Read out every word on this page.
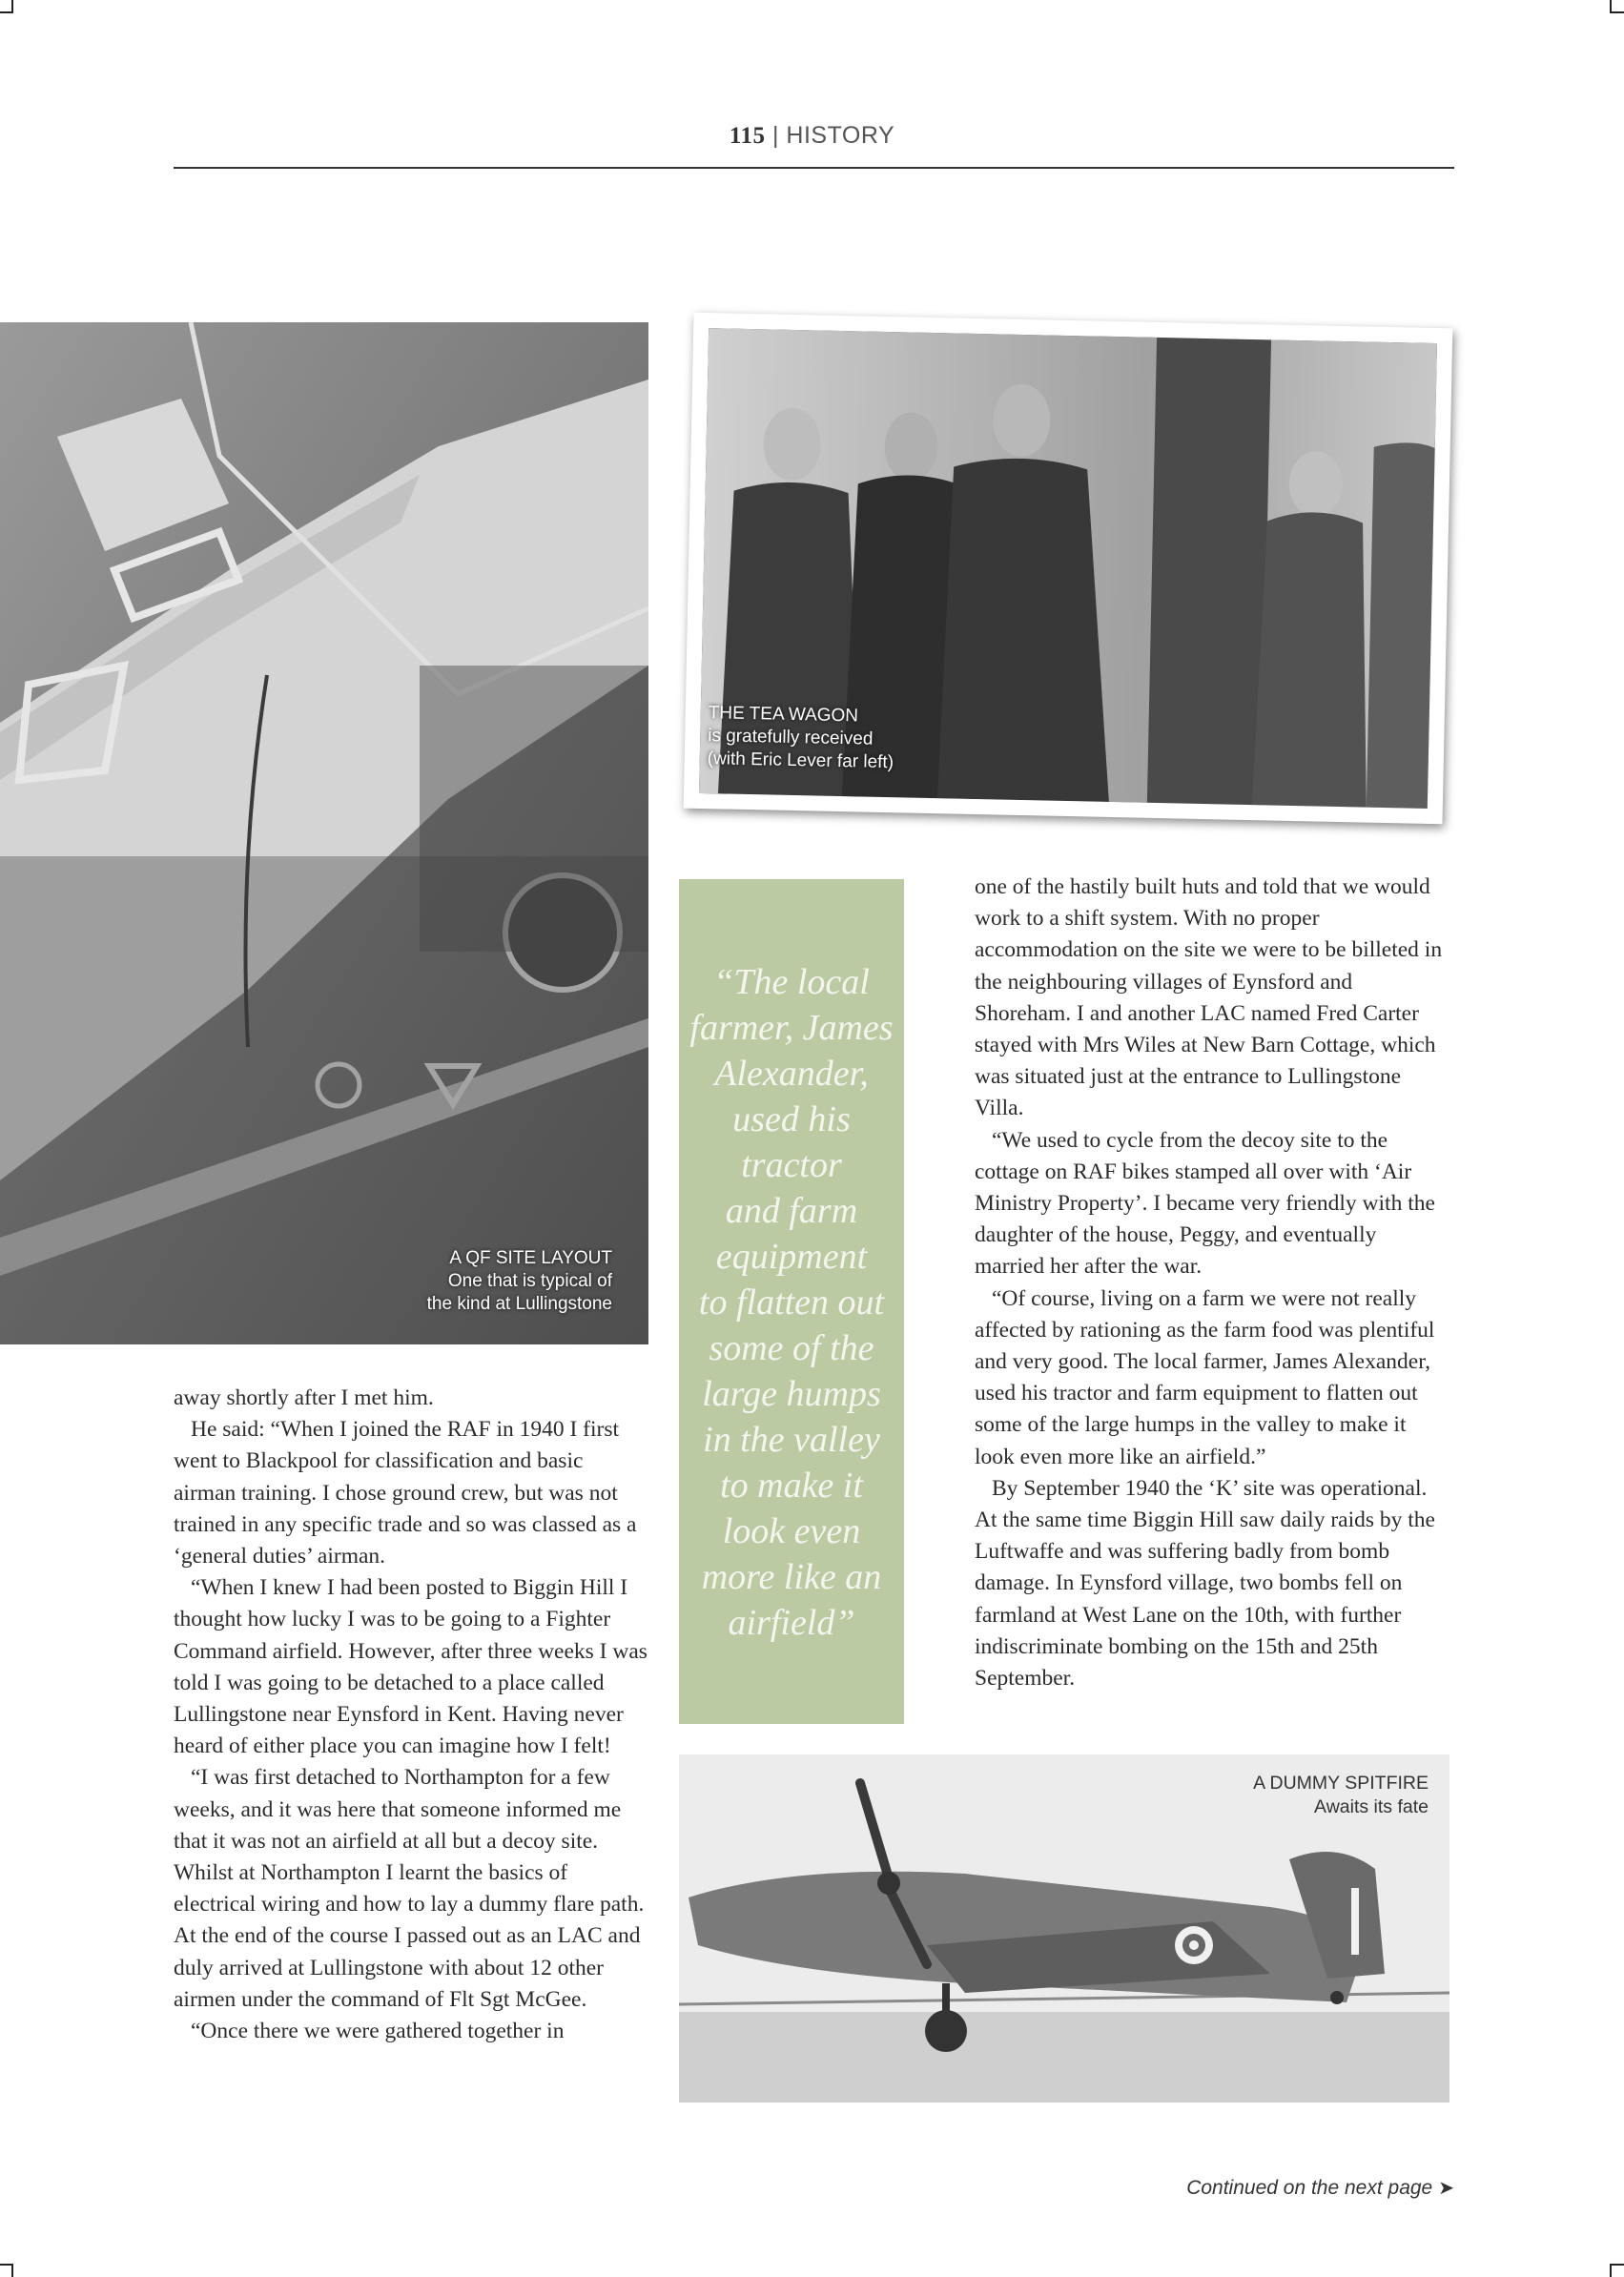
115 | HISTORY
A QF SITE LAYOUT
One that is typical of
the kind at Lullingstone
THE TEA WAGON
is gratefully received
(with Eric Lever far left)
“The local
farmer, James
Alexander,
used his
tractor
and farm
equipment
to flatten out
some of the
large humps
in the valley
to make it
look even
more like an
airfield”

away shortly after I met him.

He said: “When I joined the RAF in 1940 I first went to Blackpool for classification and basic airman training. I chose ground crew, but was not trained in any specific trade and so was classed as a ‘general duties’ airman.

“When I knew I had been posted to Biggin Hill I thought how lucky I was to be going to a Fighter Command airfield. However, after three weeks I was told I was going to be detached to a place called Lullingstone near Eynsford in Kent. Having never heard of either place you can imagine how I felt!

“I was first detached to Northampton for a few weeks, and it was here that someone informed me that it was not an airfield at all but a decoy site. Whilst at Northampton I learnt the basics of electrical wiring and how to lay a dummy flare path. At the end of the course I passed out as an LAC and duly arrived at Lullingstone with about 12 other airmen under the command of Flt Sgt McGee.

“Once there we were gathered together in

one of the hastily built huts and told that we would work to a shift system. With no proper accommodation on the site we were to be billeted in the neighbouring villages of Eynsford and Shoreham. I and another LAC named Fred Carter stayed with Mrs Wiles at New Barn Cottage, which was situated just at the entrance to Lullingstone Villa.

“We used to cycle from the decoy site to the cottage on RAF bikes stamped all over with ‘Air Ministry Property’. I became very friendly with the daughter of the house, Peggy, and eventually married her after the war.

“Of course, living on a farm we were not really affected by rationing as the farm food was plentiful and very good. The local farmer, James Alexander, used his tractor and farm equipment to flatten out some of the large humps in the valley to make it look even more like an airfield.”

By September 1940 the ‘K’ site was operational. At the same time Biggin Hill saw daily raids by the Luftwaffe and was suffering badly from bomb damage. In Eynsford village, two bombs fell on farmland at West Lane on the 10th, with further indiscriminate bombing on the 15th and 25th September.

A DUMMY SPITFIRE
Awaits its fate
Continued on the next page ➤
